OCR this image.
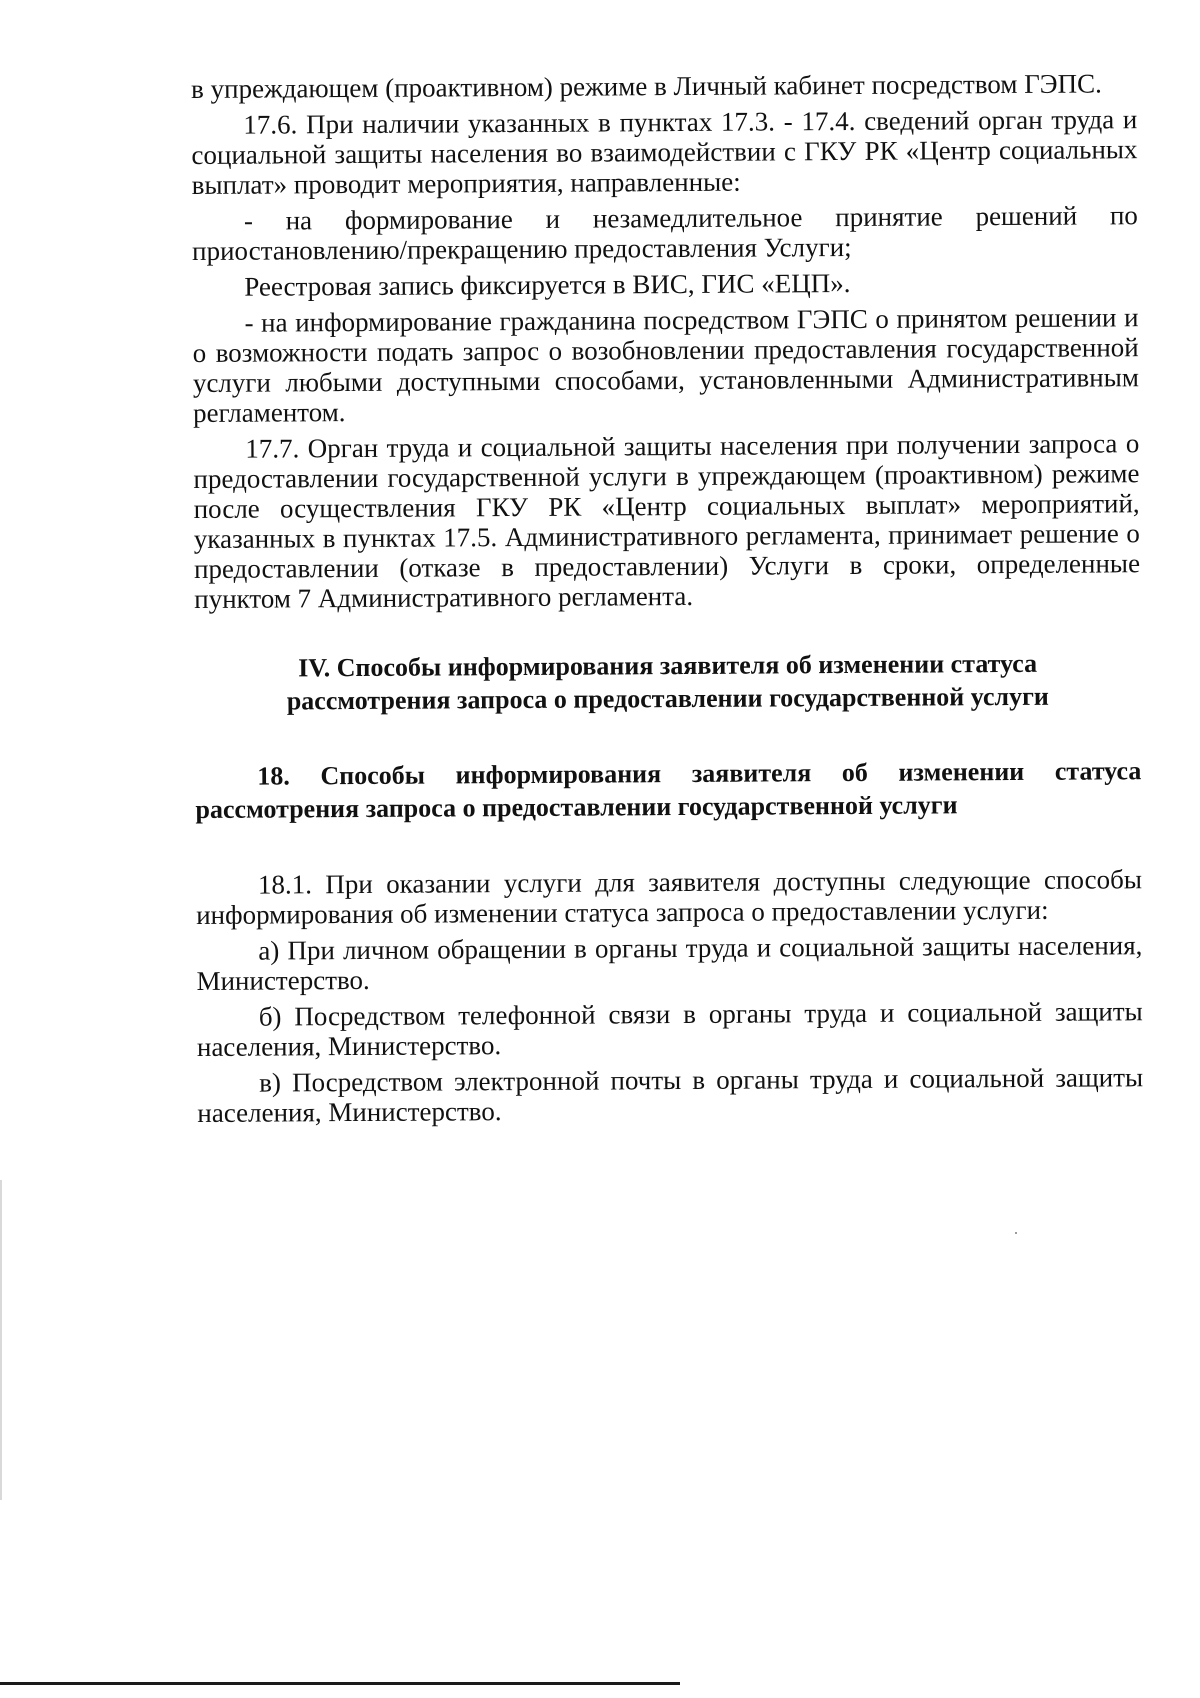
в упреждающем (проактивном) режиме в Личный кабинет посредством ГЭПС.

17.6. При наличии указанных в пунктах 17.3. - 17.4. сведений орган труда и социальной защиты населения во взаимодействии с ГКУ РК «Центр социальных выплат» проводит мероприятия, направленные:

- на формирование и незамедлительное принятие решений по приостановлению/прекращению предоставления Услуги;

Реестровая запись фиксируется в ВИС, ГИС «ЕЦП».

- на информирование гражданина посредством ГЭПС о принятом решении и о возможности подать запрос о возобновлении предоставления государственной услуги любыми доступными способами, установленными Административным регламентом.

17.7. Орган труда и социальной защиты населения при получении запроса о предоставлении государственной услуги в упреждающем (проактивном) режиме после осуществления ГКУ РК «Центр социальных выплат» мероприятий, указанных в пунктах 17.5. Административного регламента, принимает решение о предоставлении (отказе в предоставлении) Услуги в сроки, определенные пунктом 7 Административного регламента.

IV. Способы информирования заявителя об изменении статуса рассмотрения запроса о предоставлении государственной услуги

18. Способы информирования заявителя об изменении статуса рассмотрения запроса о предоставлении государственной услуги

18.1. При оказании услуги для заявителя доступны следующие способы информирования об изменении статуса запроса о предоставлении услуги:

а) При личном обращении в органы труда и социальной защиты населения, Министерство.

б) Посредством телефонной связи в органы труда и социальной защиты населения, Министерство.

в) Посредством электронной почты в органы труда и социальной защиты населения, Министерство.
